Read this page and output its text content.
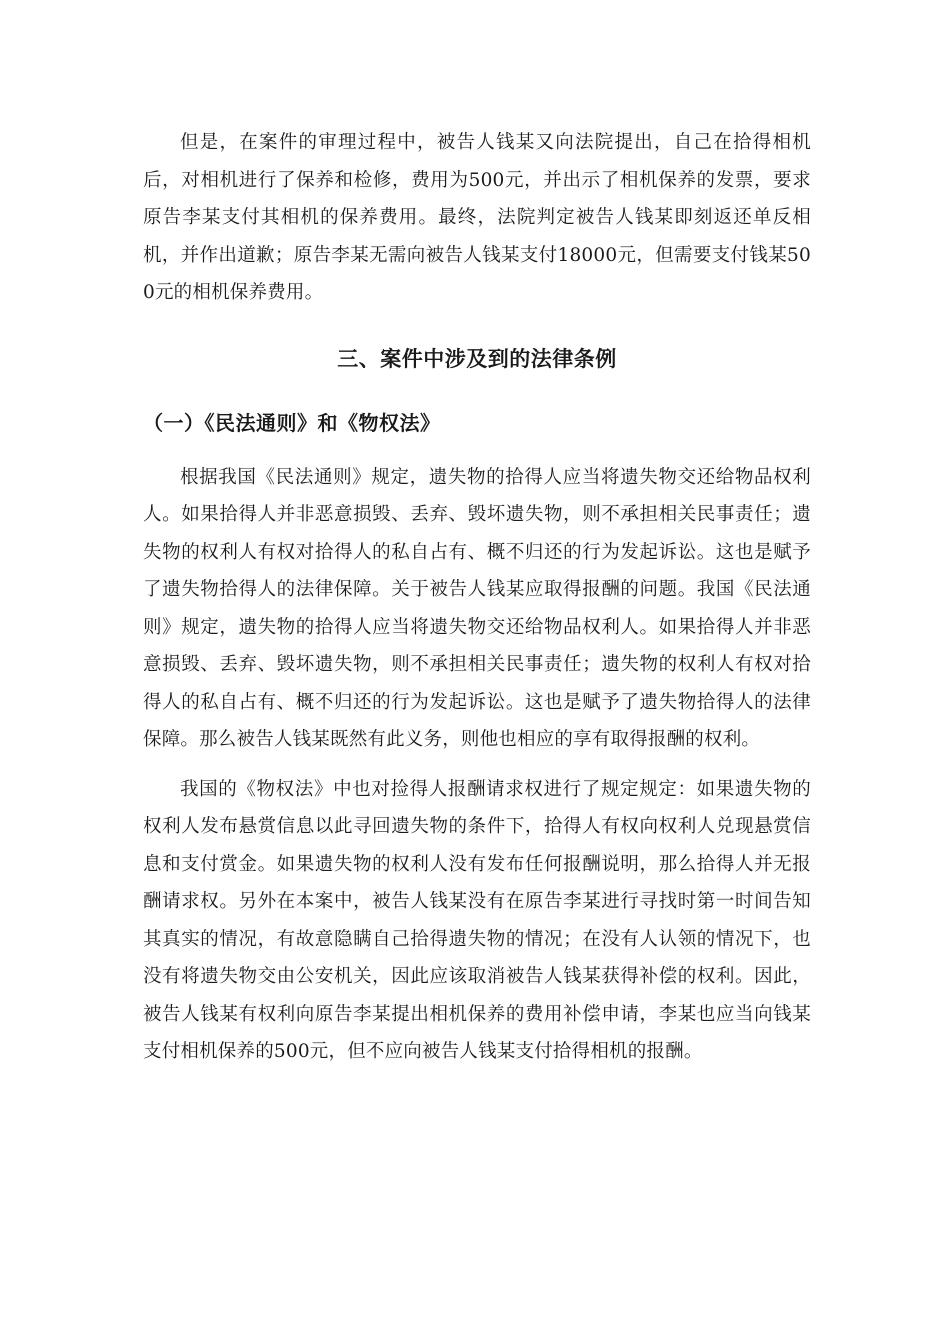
但是，在案件的审理过程中，被告人钱某又向法院提出，自己在拾得相机后，对相机进行了保养和检修，费用为500元，并出示了相机保养的发票，要求原告李某支付其相机的保养费用。最终，法院判定被告人钱某即刻返还单反相机，并作出道歉；原告李某无需向被告人钱某支付18000元，但需要支付钱某500元的相机保养费用。

三、案件中涉及到的法律条例
（一）《民法通则》和《物权法》

根据我国《民法通则》规定，遗失物的拾得人应当将遗失物交还给物品权利人。如果拾得人并非恶意损毁、丢弃、毁坏遗失物，则不承担相关民事责任；遗失物的权利人有权对拾得人的私自占有、概不归还的行为发起诉讼。这也是赋予了遗失物拾得人的法律保障。关于被告人钱某应取得报酬的问题。我国《民法通则》规定，遗失物的拾得人应当将遗失物交还给物品权利人。如果拾得人并非恶意损毁、丢弃、毁坏遗失物，则不承担相关民事责任；遗失物的权利人有权对拾得人的私自占有、概不归还的行为发起诉讼。这也是赋予了遗失物拾得人的法律保障。那么被告人钱某既然有此义务，则他也相应的享有取得报酬的权利。

我国的《物权法》中也对捡得人报酬请求权进行了规定规定：如果遗失物的权利人发布悬赏信息以此寻回遗失物的条件下，拾得人有权向权利人兑现悬赏信息和支付赏金。如果遗失物的权利人没有发布任何报酬说明，那么拾得人并无报酬请求权。另外在本案中，被告人钱某没有在原告李某进行寻找时第一时间告知其真实的情况，有故意隐瞒自己拾得遗失物的情况；在没有人认领的情况下，也没有将遗失物交由公安机关，因此应该取消被告人钱某获得补偿的权利。因此，被告人钱某有权利向原告李某提出相机保养的费用补偿申请，李某也应当向钱某支付相机保养的500元，但不应向被告人钱某支付拾得相机的报酬。
